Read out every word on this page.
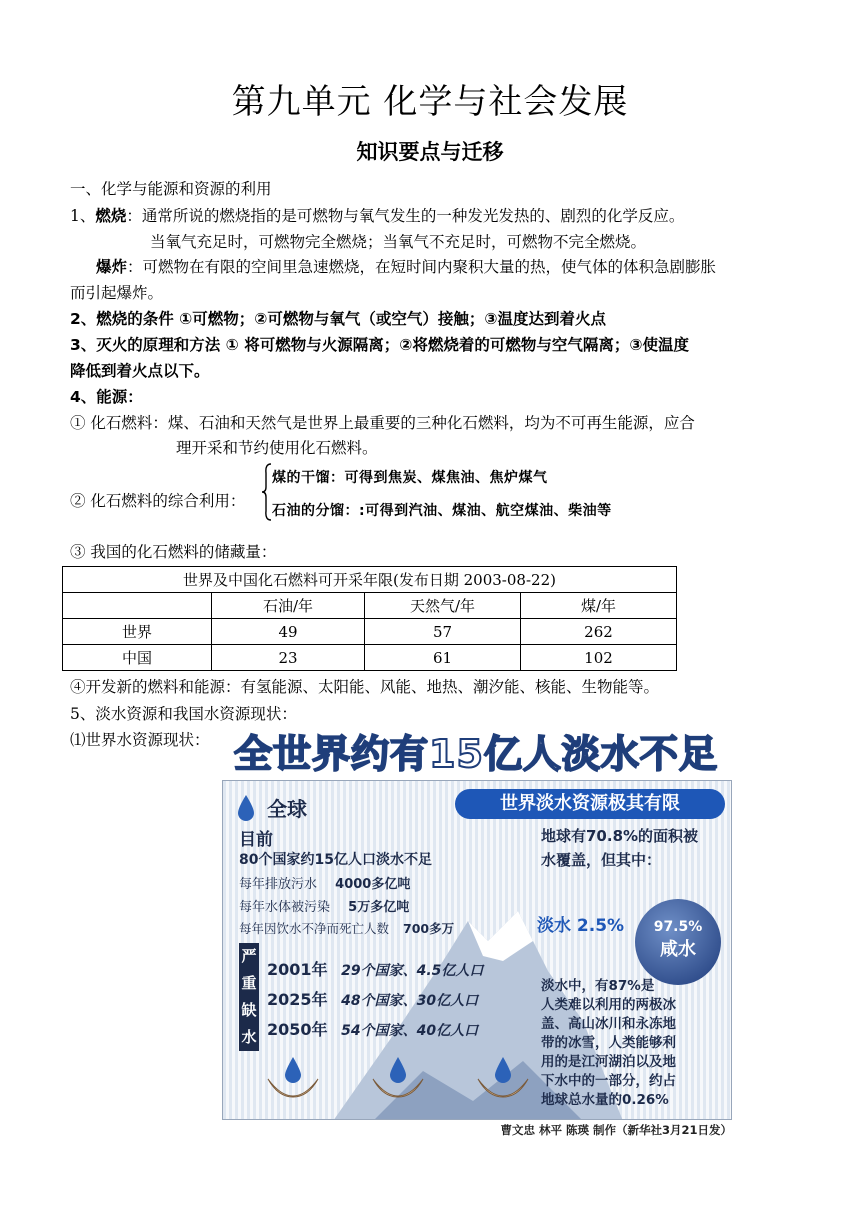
第九单元 化学与社会发展
知识要点与迁移
一、化学与能源和资源的利用
1、燃烧：通常所说的燃烧指的是可燃物与氧气发生的一种发光发热的、剧烈的化学反应。
当氧气充足时，可燃物完全燃烧；当氧气不充足时，可燃物不完全燃烧。
爆炸：可燃物在有限的空间里急速燃烧，在短时间内聚积大量的热，使气体的体积急剧膨胀
而引起爆炸。
2、燃烧的条件 ①可燃物；②可燃物与氧气（或空气）接触；③温度达到着火点
3、灭火的原理和方法 ① 将可燃物与火源隔离；②将燃烧着的可燃物与空气隔离；③使温度
降低到着火点以下。
4、能源：
① 化石燃料：煤、石油和天然气是世界上最重要的三种化石燃料，均为不可再生能源，应合
理开采和节约使用化石燃料。
② 化石燃料的综合利用：
煤的干馏：可得到焦炭、煤焦油、焦炉煤气
石油的分馏：:可得到汽油、煤油、航空煤油、柴油等
③ 我国的化石燃料的储藏量：
世界及中国化石燃料可开采年限(发布日期 2003-08-22)			
	石油/年	天然气/年	煤/年
世界	49	57	262
中国	23	61	102
④开发新的燃料和能源：有氢能源、太阳能、风能、地热、潮汐能、核能、生物能等。
5、淡水资源和我国水资源现状：
⑴世界水资源现状： 全世界约有15亿人淡水不足
全球	世界淡水资源极其有限
目前
80个国家约15亿人口淡水不足
每年排放污水 4000多亿吨
每年水体被污染 5万多亿吨
每年因饮水不净而死亡人数 700多万
地球有70.8%的面积被
水覆盖，但其中：
淡水 2.5%	97.5%
咸水
严
重
缺
水
2001年 29个国家、4.5亿人口
2025年 48个国家、30亿人口
2050年 54个国家、40亿人口
淡水中，有87%是
人类难以利用的两极冰
盖、高山冰川和永冻地
带的冰雪，人类能够利
用的是江河湖泊以及地
下水中的一部分，约占
地球总水量的0.26%
曹文忠 林平 陈瑛 制作（新华社3月21日发）
